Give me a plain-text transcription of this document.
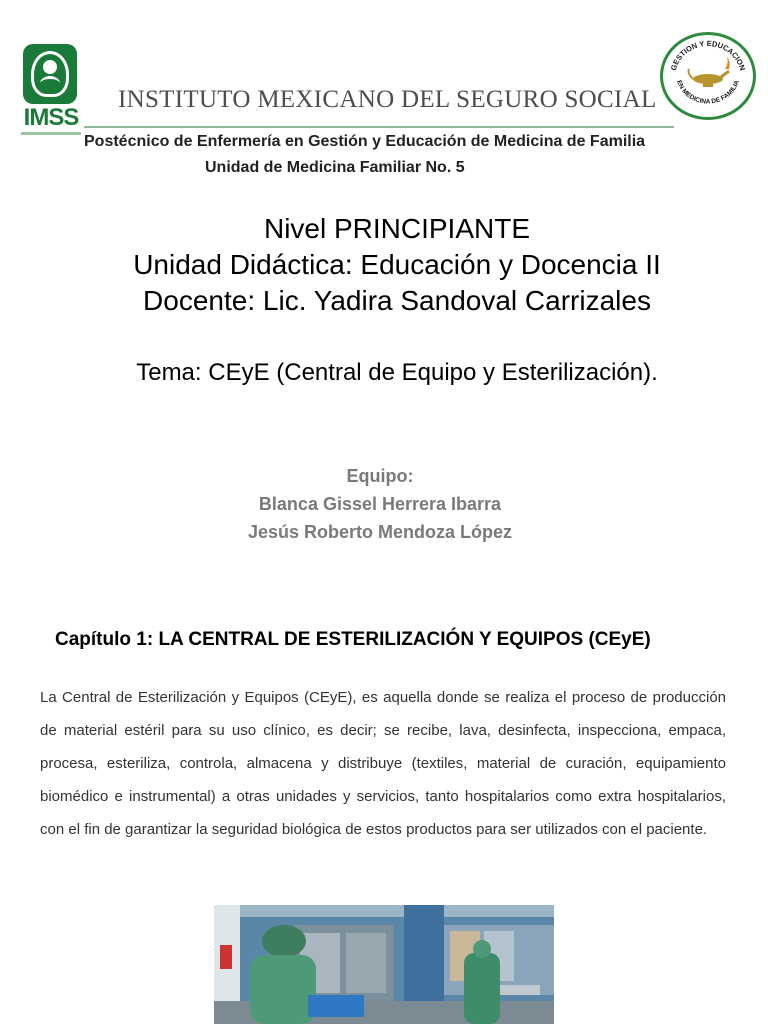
IMSS
INSTITUTO MEXICANO DEL SEGURO SOCIAL
Postécnico de Enfermería en Gestión y Educación de Medicina de Familia
Unidad de Medicina Familiar No. 5
GESTION Y EDUCACION
EN MEDICINA DE FAMILIA
Nivel PRINCIPIANTE
Unidad Didáctica: Educación y Docencia II
Docente: Lic. Yadira Sandoval Carrizales
Tema: CEyE (Central de Equipo y Esterilización).
Equipo:
Blanca Gissel Herrera Ibarra
Jesús Roberto Mendoza López
Capítulo 1: LA CENTRAL DE ESTERILIZACIÓN Y EQUIPOS (CEyE)
La Central de Esterilización y Equipos (CEyE), es aquella donde se realiza el proceso de producción de material estéril para su uso clínico, es decir; se recibe, lava, desinfecta, inspecciona, empaca, procesa, esteriliza, controla, almacena y distribuye (textiles, material de curación, equipamiento biomédico e instrumental) a otras unidades y servicios, tanto hospitalarios como extra hospitalarios, con el fin de garantizar la seguridad biológica de estos productos para ser utilizados con el paciente.
